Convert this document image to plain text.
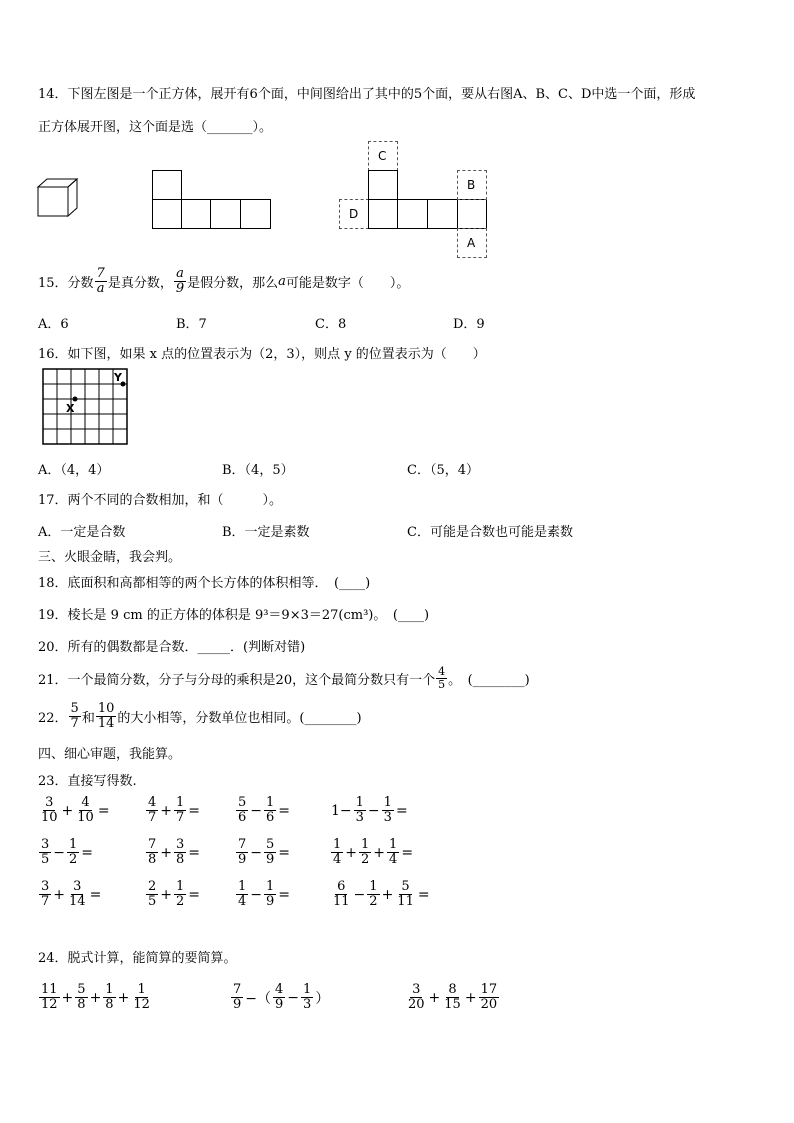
14．下图左图是一个正方体，展开有6个面，中间图给出了其中的5个面，要从右图A、B、C、D中选一个面，形成
正方体展开图，这个面是选（_______）。
C
D
B
A
15．分数 $\frac{7}{a}$ 是真分数， $\frac{a}{9}$ 是假分数，那么 a 可能是数字（　　）。
A．6	B．7	C．8	D．9
16．如下图，如果 x 点的位置表示为（2，3），则点 y 的位置表示为（　　）
X
Y
A．（4，4）	B．（4，5）	C．（5，4）
17．两个不同的合数相加，和（　　　）。
A．一定是合数	B．一定是素数	C．可能是合数也可能是素数
三、火眼金睛，我会判。
18．底面积和高都相等的两个长方体的体积相等．　(____)
19．棱长是 9 cm 的正方体的体积是 9³＝9×3＝27(cm³)。　(____)
20．所有的偶数都是合数．_____．(判断对错)
21．一个最简分数，分子与分母的乘积是20，这个最简分数只有一个 $\frac{4}{5}$ 。　(________)
22． $\frac{5}{7}$ 和 $\frac{10}{14}$ 的大小相等，分数单位也相同。(________)
四、细心审题，我能算。
23．直接写得数.
$\frac{3}{10} + \frac{4}{10}$ =	$\frac{4}{7} + \frac{1}{7}$ =	$\frac{5}{6} - \frac{1}{6}$ =	$1- \frac{1}{3} - \frac{1}{3}$ =
$\frac{3}{5} - \frac{1}{2}$ =	$\frac{7}{8} + \frac{3}{8}$ =	$\frac{7}{9} - \frac{5}{9}$ =	$\frac{1}{4} + \frac{1}{2} + \frac{1}{4}$ =
$\frac{3}{7} + \frac{3}{14}$ =	$\frac{2}{5} + \frac{1}{2}$ =	$\frac{1}{4} - \frac{1}{9}$ =	$\frac{6}{11} - \frac{1}{2} + \frac{5}{11}$ =
24．脱式计算，能简算的要简算。
$\frac{11}{12} + \frac{5}{8} + \frac{1}{8} + \frac{1}{12}$	$\frac{7}{9}$ −（ $\frac{4}{9} - \frac{1}{3}$ ）	$\frac{3}{20} + \frac{8}{15} + \frac{17}{20}$
